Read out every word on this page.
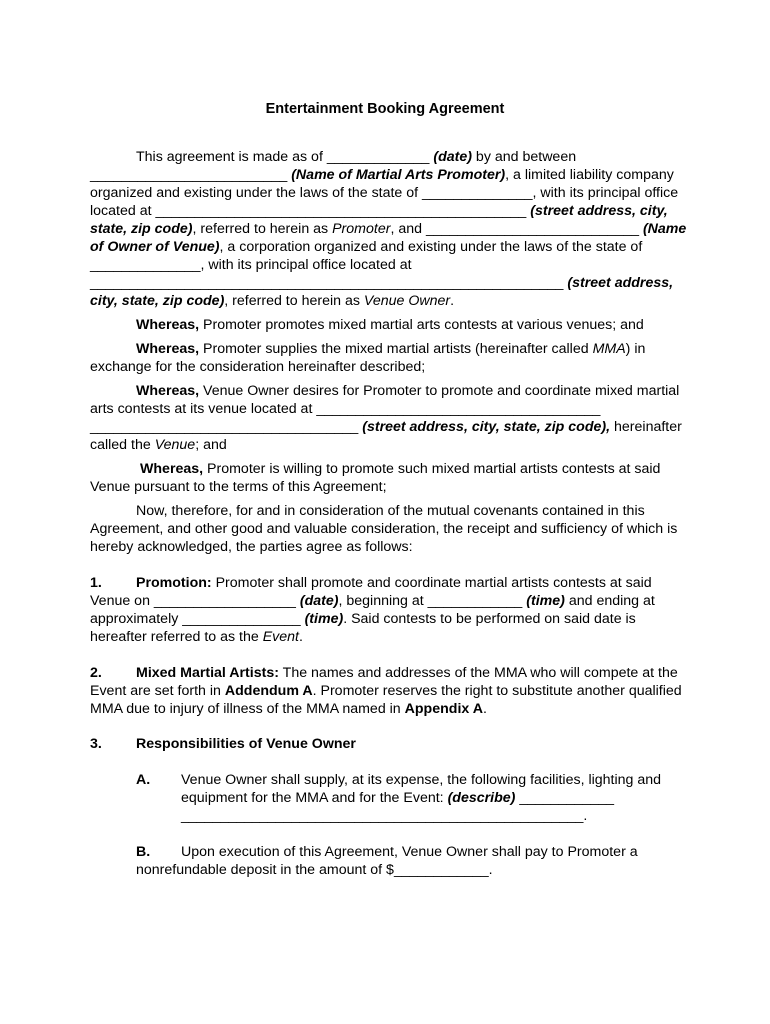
Entertainment Booking Agreement

This agreement is made as of _____________ (date) by and between _________________________ (Name of Martial Arts Promoter), a limited liability company organized and existing under the laws of the state of ______________, with its principal office located at _______________________________________________ (street address, city, state, zip code), referred to herein as Promoter, and ___________________________ (Name of Owner of Venue), a corporation organized and existing under the laws of the state of ______________, with its principal office located at ____________________________________________________________ (street address, city, state, zip code), referred to herein as Venue Owner.

Whereas, Promoter promotes mixed martial arts contests at various venues; and

Whereas, Promoter supplies the mixed martial artists (hereinafter called MMA) in exchange for the consideration hereinafter described;

Whereas, Venue Owner desires for Promoter to promote and coordinate mixed martial arts contests at its venue located at ____________________________________ __________________________________ (street address, city, state, zip code), hereinafter called the Venue; and

Whereas, Promoter is willing to promote such mixed martial artists contests at said Venue pursuant to the terms of this Agreement;

Now, therefore, for and in consideration of the mutual covenants contained in this Agreement, and other good and valuable consideration, the receipt and sufficiency of which is hereby acknowledged, the parties agree as follows:

1. Promotion: Promoter shall promote and coordinate martial artists contests at said Venue on __________________ (date), beginning at ____________ (time) and ending at approximately _______________ (time). Said contests to be performed on said date is hereafter referred to as the Event.

2. Mixed Martial Artists: The names and addresses of the MMA who will compete at the Event are set forth in Addendum A. Promoter reserves the right to substitute another qualified MMA due to injury of illness of the MMA named in Appendix A.

3. Responsibilities of Venue Owner

A. Venue Owner shall supply, at its expense, the following facilities, lighting and equipment for the MMA and for the Event: (describe) ____________ ___________________________________________________.

B.	Upon execution of this Agreement, Venue Owner shall pay to Promoter a nonrefundable deposit in the amount of $____________.
